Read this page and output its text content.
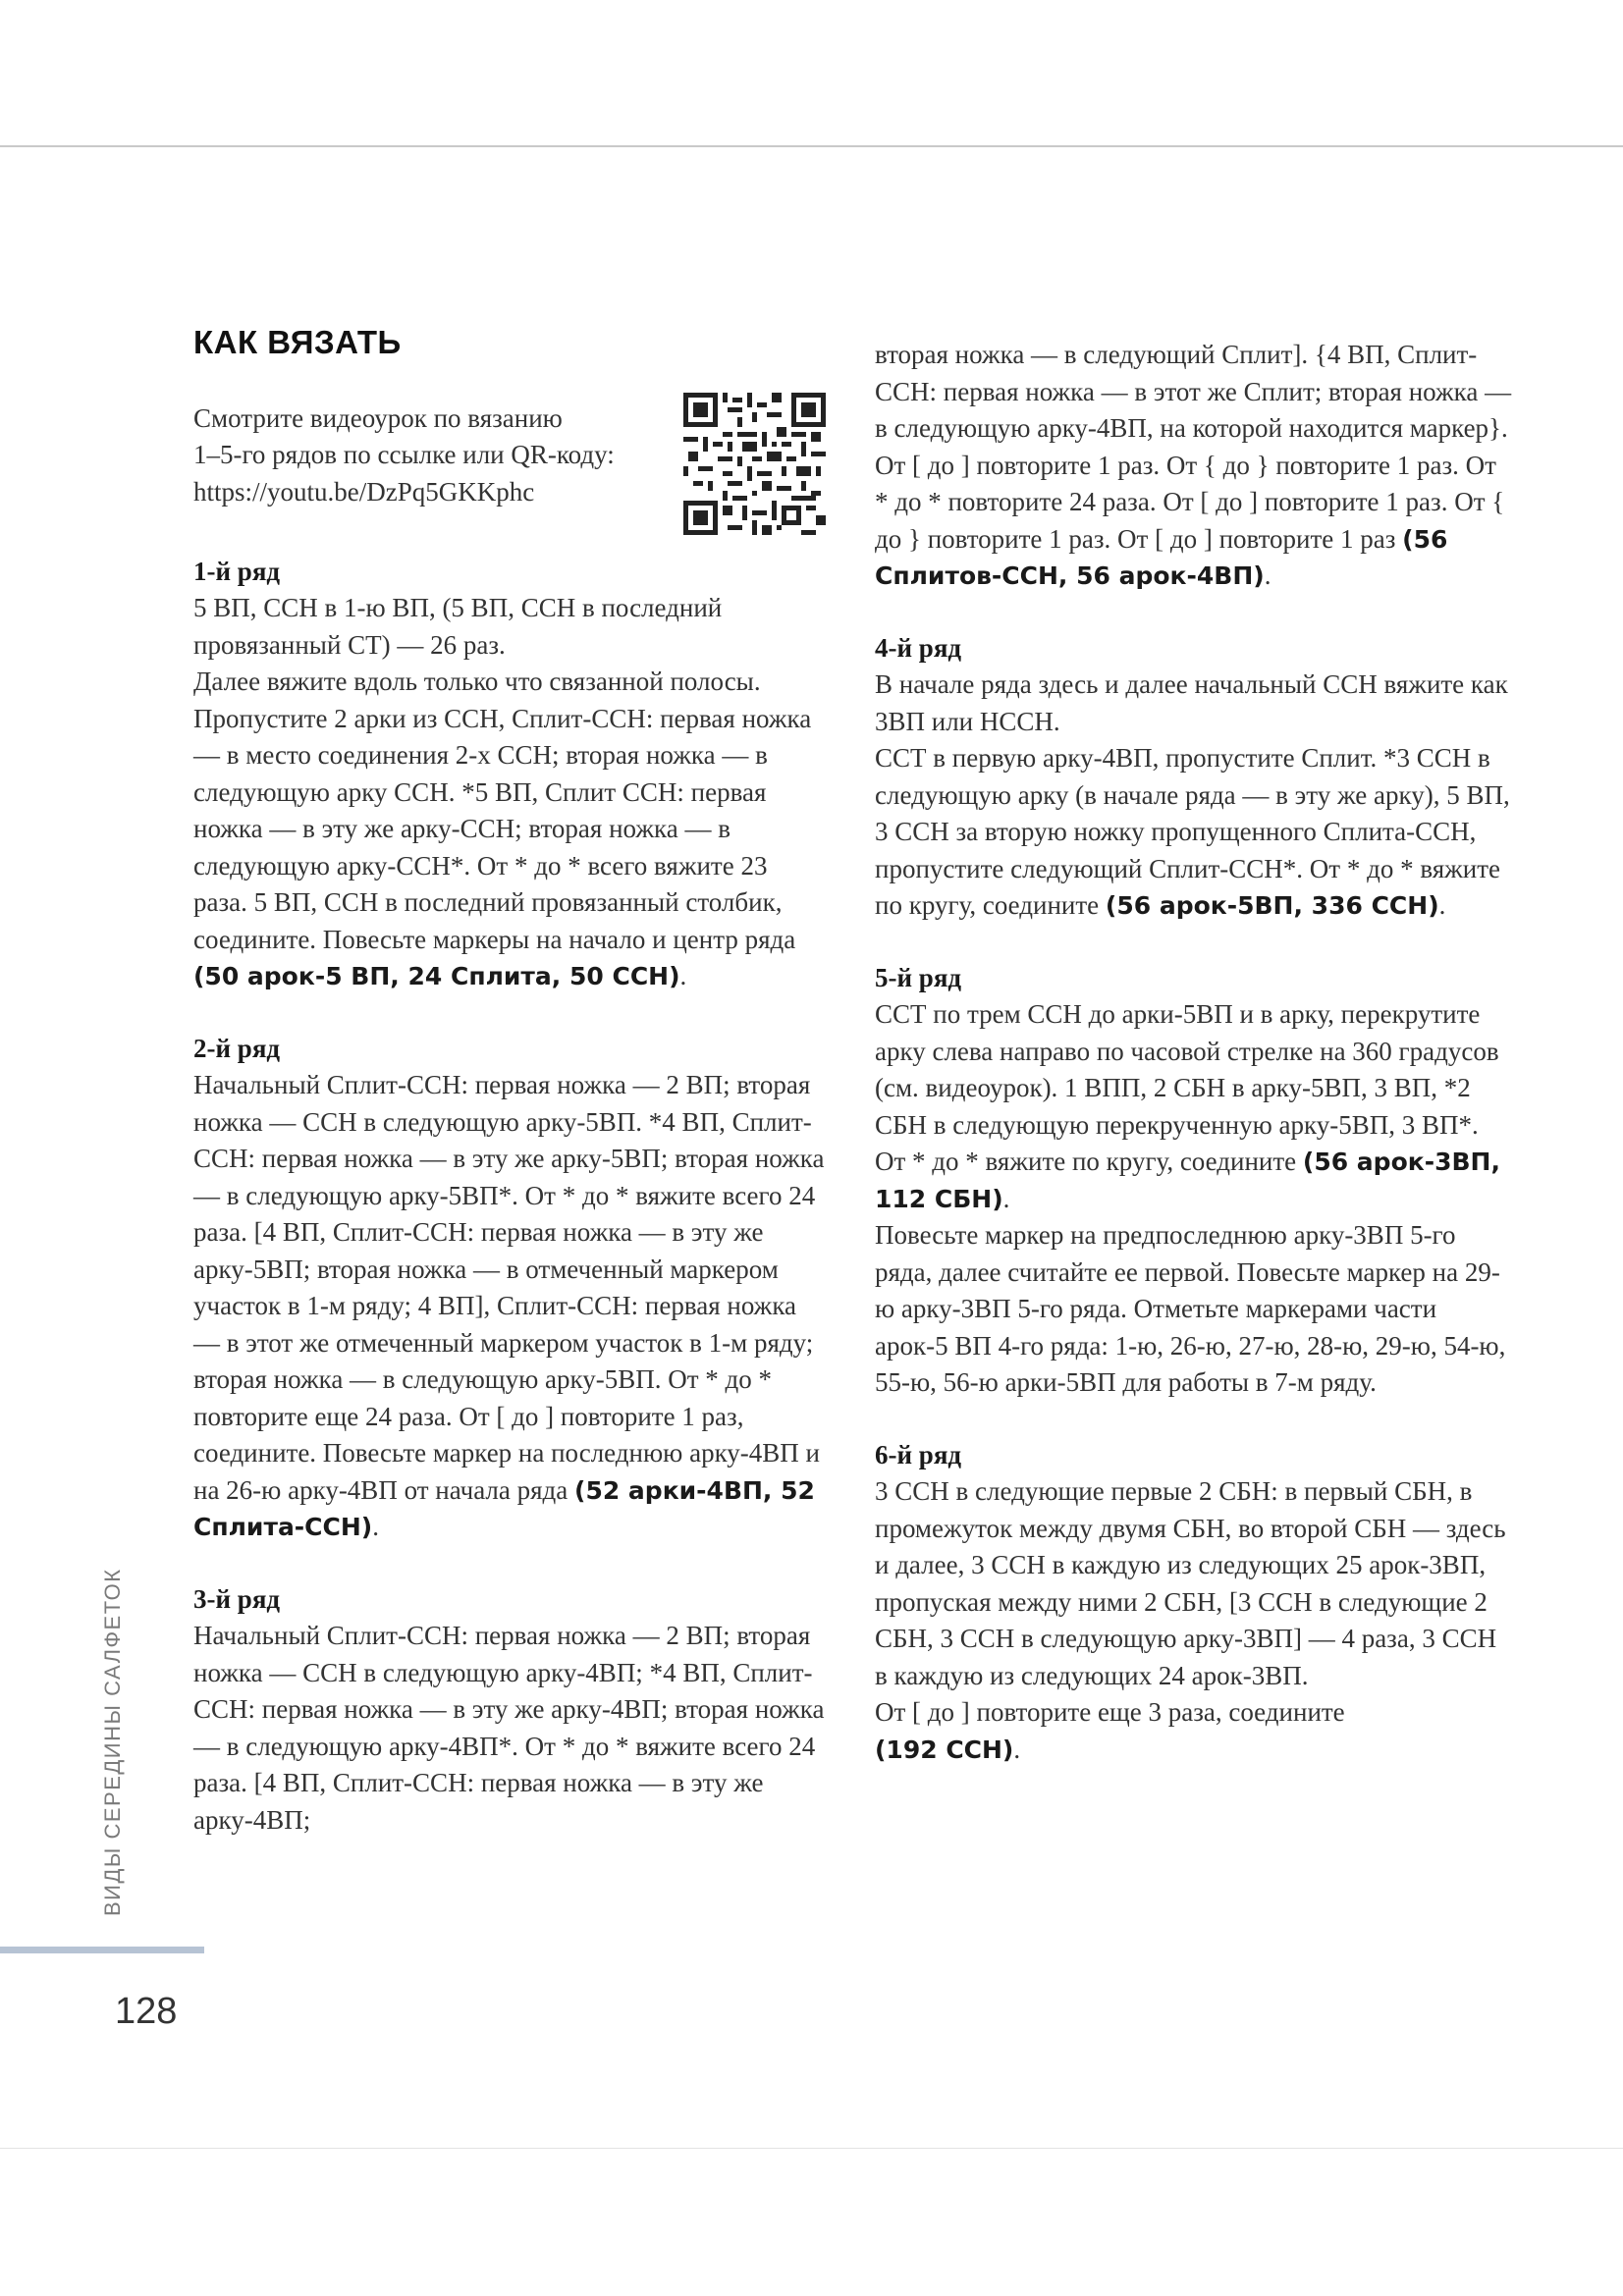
ВИДЫ СЕРЕДИНЫ САЛФЕТОК
128
КАК ВЯЗАТЬ

Смотрите видеоурок по вязанию
1–5-го рядов по ссылке или QR-коду:
https://youtu.be/DzPq5GKKphc

1-й ряд

5 ВП, ССН в 1-ю ВП, (5 ВП, ССН в последний провязанный СТ) — 26 раз.

Далее вяжите вдоль только что связанной полосы. Пропустите 2 арки из ССН, Сплит-ССН: первая ножка — в место соединения 2-х ССН; вторая ножка — в следующую арку ССН. *5 ВП, Сплит ССН: первая ножка — в эту же арку-ССН; вторая ножка — в следующую арку-ССН*. От * до * всего вяжите 23 раза. 5 ВП, ССН в последний провязанный столбик, соедините. Повесьте маркеры на начало и центр ряда (50 арок-5 ВП, 24 Сплита, 50 ССН).

2-й ряд

Начальный Сплит-ССН: первая ножка — 2 ВП; вторая ножка — ССН в следующую арку-5ВП. *4 ВП, Сплит-ССН: первая ножка — в эту же арку-5ВП; вторая ножка — в следующую арку-5ВП*. От * до * вяжите всего 24 раза. [4 ВП, Сплит-ССН: первая ножка — в эту же арку-5ВП; вторая ножка — в отмеченный маркером участок в 1-м ряду; 4 ВП], Сплит-ССН: первая ножка — в этот же отмеченный маркером участок в 1-м ряду; вторая ножка — в следующую арку-5ВП. От * до * повторите еще 24 раза. От [ до ] повторите 1 раз, соедините. Повесьте маркер на последнюю арку-4ВП и на 26-ю арку-4ВП от начала ряда (52 арки-4ВП, 52 Сплита-ССН).

3-й ряд

Начальный Сплит-ССН: первая ножка — 2 ВП; вторая ножка — ССН в следующую арку-4ВП; *4 ВП, Сплит-ССН: первая ножка — в эту же арку-4ВП; вторая ножка — в следующую арку-4ВП*. От * до * вяжите всего 24 раза. [4 ВП, Сплит-ССН: первая ножка — в эту же арку-4ВП;

вторая ножка — в следующий Сплит]. {4 ВП, Сплит-ССН: первая ножка — в этот же Сплит; вторая ножка — в следующую арку-4ВП, на которой находится маркер}. От [ до ] повторите 1 раз. От { до } повторите 1 раз. От * до * повторите 24 раза. От [ до ] повторите 1 раз. От { до } повторите 1 раз. От [ до ] повторите 1 раз (56 Сплитов-ССН, 56 арок-4ВП).

4-й ряд

В начале ряда здесь и далее начальный ССН вяжите как 3ВП или НССН.

ССТ в первую арку-4ВП, пропустите Сплит. *3 ССН в следующую арку (в начале ряда — в эту же арку), 5 ВП, 3 ССН за вторую ножку пропущенного Сплита-ССН, пропустите следующий Сплит-ССН*. От * до * вяжите по кругу, соедините (56 арок-5ВП, 336 ССН).

5-й ряд

ССТ по трем ССН до арки-5ВП и в арку, перекрутите арку слева направо по часовой стрелке на 360 градусов (см. видеоурок). 1 ВПП, 2 СБН в арку-5ВП, 3 ВП, *2 СБН в следующую перекрученную арку-5ВП, 3 ВП*. От * до * вяжите по кругу, соедините (56 арок-3ВП, 112 СБН).

Повесьте маркер на предпоследнюю арку-3ВП 5-го ряда, далее считайте ее первой. Повесьте маркер на 29-ю арку-3ВП 5-го ряда. Отметьте маркерами части арок-5 ВП 4-го ряда: 1-ю, 26-ю, 27-ю, 28-ю, 29-ю, 54-ю, 55-ю, 56-ю арки-5ВП для работы в 7-м ряду.

6-й ряд

3 ССН в следующие первые 2 СБН: в первый СБН, в промежуток между двумя СБН, во второй СБН — здесь и далее, 3 ССН в каждую из следующих 25 арок-3ВП, пропуская между ними 2 СБН, [3 ССН в следующие 2 СБН, 3 ССН в следующую арку-3ВП] — 4 раза, 3 ССН в каждую из следующих 24 арок-3ВП.

От [ до ] повторите еще 3 раза, соедините
(192 ССН).
